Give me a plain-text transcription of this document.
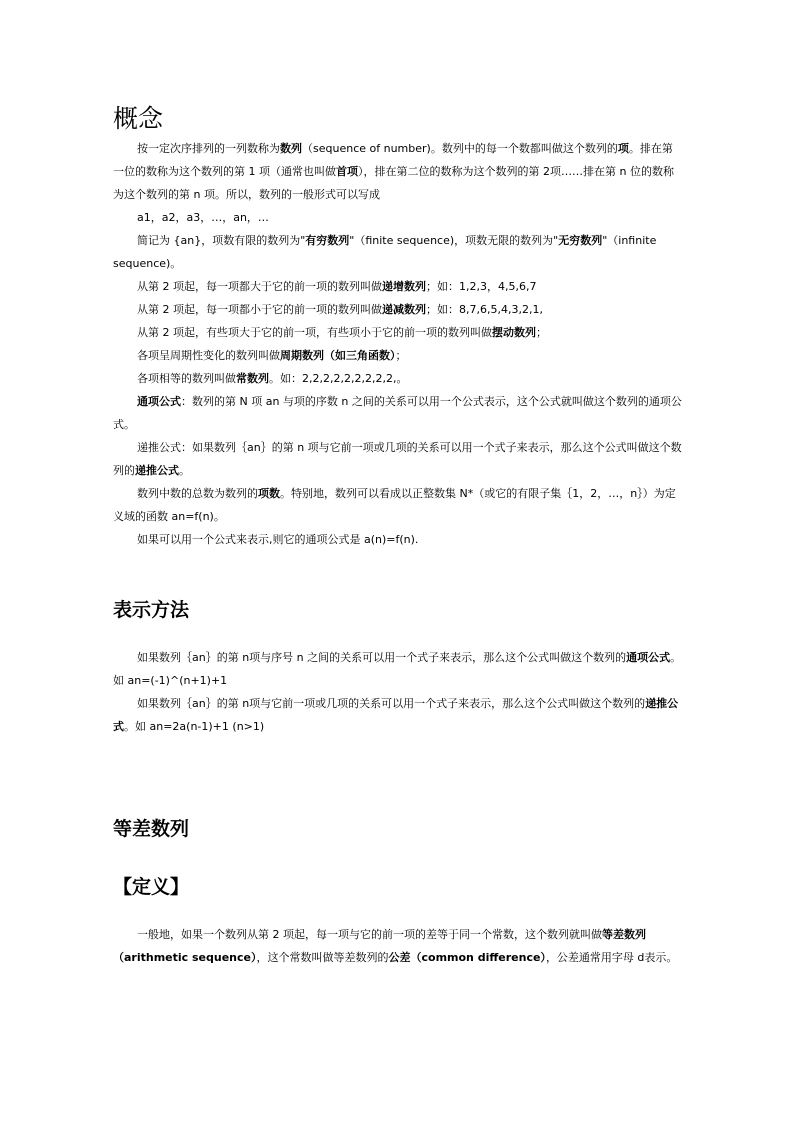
概念

按一定次序排列的一列数称为数列（sequence of number)。数列中的每一个数都叫做这个数列的项。排在第一位的数称为这个数列的第 1 项（通常也叫做首项），排在第二位的数称为这个数列的第 2项……排在第 n 位的数称为这个数列的第 n 项。所以，数列的一般形式可以写成

a1，a2，a3，…，an，…

简记为 {an}，项数有限的数列为"有穷数列"（finite sequence)，项数无限的数列为"无穷数列"（infinite sequence)。

从第 2 项起，每一项都大于它的前一项的数列叫做递增数列；如：1,2,3，4,5,6,7

从第 2 项起，每一项都小于它的前一项的数列叫做递减数列；如：8,7,6,5,4,3,2,1,

从第 2 项起，有些项大于它的前一项，有些项小于它的前一项的数列叫做摆动数列；

各项呈周期性变化的数列叫做周期数列（如三角函数）；

各项相等的数列叫做常数列。如：2,2,2,2,2,2,2,2,2,。

通项公式：数列的第 N 项 an 与项的序数 n 之间的关系可以用一个公式表示，这个公式就叫做这个数列的通项公式。

递推公式：如果数列｛an｝的第 n 项与它前一项或几项的关系可以用一个式子来表示，那么这个公式叫做这个数列的递推公式。

数列中数的总数为数列的项数。特别地，数列可以看成以正整数集 N*（或它的有限子集｛1，2，…，n｝）为定义域的函数 an=f(n)。

如果可以用一个公式来表示,则它的通项公式是 a(n)=f(n).

表示方法

如果数列｛an｝的第 n项与序号 n 之间的关系可以用一个式子来表示，那么这个公式叫做这个数列的通项公式。如 an=(-1)^(n+1)+1

如果数列｛an｝的第 n项与它前一项或几项的关系可以用一个式子来表示，那么这个公式叫做这个数列的递推公式。如 an=2a(n-1)+1 (n>1)

等差数列
【定义】

一般地，如果一个数列从第 2 项起，每一项与它的前一项的差等于同一个常数，这个数列就叫做等差数列（arithmetic sequence），这个常数叫做等差数列的公差（common difference），公差通常用字母 d表示。
